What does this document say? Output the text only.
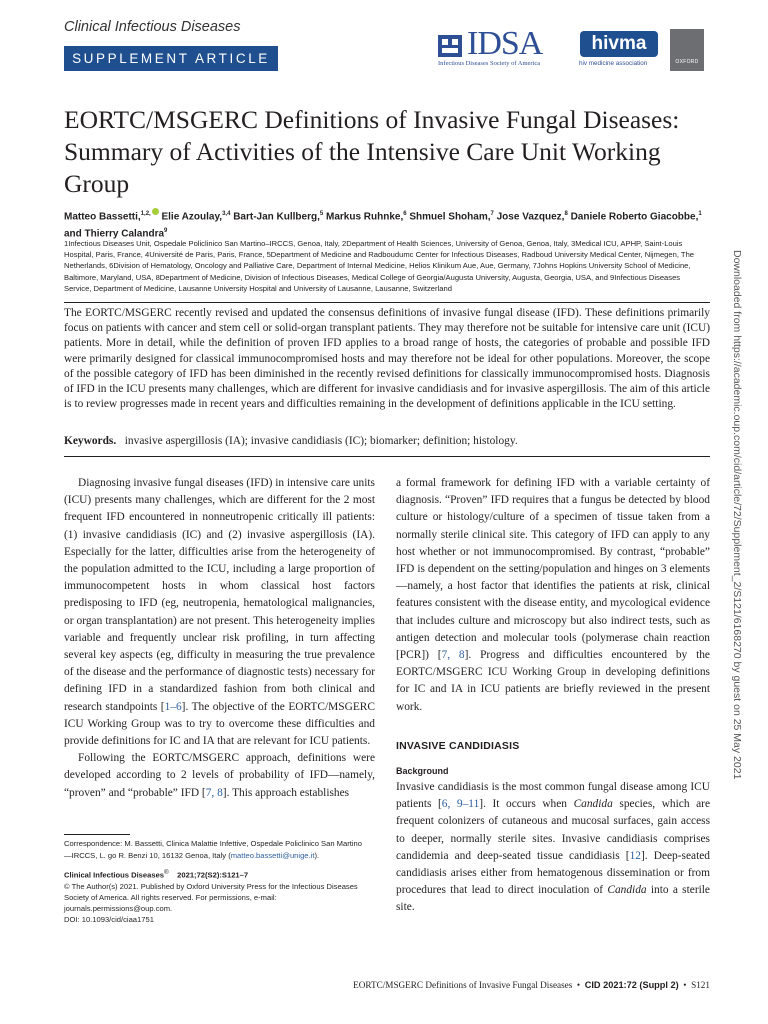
Clinical Infectious Diseases
SUPPLEMENT ARTICLE	IDSA
Infectious Diseases Society of America
hivma
hiv medicine association	OXFORD
EORTC/MSGERC Definitions of Invasive Fungal Diseases: Summary of Activities of the Intensive Care Unit Working Group
Matteo Bassetti,$^{1,2,}$ Elie Azoulay,$^{3,4}$ Bart-Jan Kullberg,$^5$ Markus Ruhnke,$^6$ Shmuel Shoham,$^7$ Jose Vazquez,$^8$ Daniele Roberto Giacobbe,$^1$ and Thierry Calandra$^9$
1Infectious Diseases Unit, Ospedale Policlinico San Martino–IRCCS, Genoa, Italy, 2Department of Health Sciences, University of Genoa, Genoa, Italy, 3Medical ICU, APHP, Saint-Louis Hospital, Paris, France, 4Université de Paris, Paris, France, 5Department of Medicine and Radboudumc Center for Infectious Diseases, Radboud University Medical Center, Nijmegen, The Netherlands, 6Division of Hematology, Oncology and Palliative Care, Department of Internal Medicine, Helios Klinikum Aue, Aue, Germany, 7Johns Hopkins University School of Medicine, Baltimore, Maryland, USA, 8Department of Medicine, Division of Infectious Diseases, Medical College of Georgia/Augusta University, Augusta, Georgia, USA, and 9Infectious Diseases Service, Department of Medicine, Lausanne University Hospital and University of Lausanne, Lausanne, Switzerland
The EORTC/MSGERC recently revised and updated the consensus definitions of invasive fungal disease (IFD). These definitions primarily focus on patients with cancer and stem cell or solid-organ transplant patients. They may therefore not be suitable for intensive care unit (ICU) patients. More in detail, while the definition of proven IFD applies to a broad range of hosts, the categories of probable and possible IFD were primarily designed for classical immunocompromised hosts and may therefore not be ideal for other populations. Moreover, the scope of the possible category of IFD has been diminished in the recently revised definitions for classically immunocompromised hosts. Diagnosis of IFD in the ICU presents many challenges, which are different for invasive candidiasis and for invasive aspergillosis. The aim of this article is to review progresses made in recent years and difficulties remaining in the development of definitions applicable in the ICU setting.
Keywords. invasive aspergillosis (IA); invasive candidiasis (IC); biomarker; definition; histology.

Diagnosing invasive fungal diseases (IFD) in intensive care units (ICU) presents many challenges, which are different for the 2 most frequent IFD encountered in nonneutropenic critically ill patients: (1) invasive candidiasis (IC) and (2) invasive aspergillosis (IA). Especially for the latter, difficulties arise from the heterogeneity of the population admitted to the ICU, including a large proportion of immunocompetent hosts in whom classical host factors predisposing to IFD (eg, neutropenia, hematological malignancies, or organ transplantation) are not present. This heterogeneity implies variable and frequently unclear risk profiling, in turn affecting several key aspects (eg, difficulty in measuring the true prevalence of the disease and the performance of diagnostic tests) necessary for defining IFD in a standardized fashion from both clinical and research standpoints [1–6]. The objective of the EORTC/MSGERC ICU Working Group was to try to overcome these difficulties and provide definitions for IC and IA that are relevant for ICU patients.

Following the EORTC/MSGERC approach, definitions were developed according to 2 levels of probability of IFD—namely, “proven” and “probable” IFD [7, 8]. This approach establishes

a formal framework for defining IFD with a variable certainty of diagnosis. “Proven” IFD requires that a fungus be detected by blood culture or histology/culture of a specimen of tissue taken from a normally sterile clinical site. This category of IFD can apply to any host whether or not immunocompromised. By contrast, “probable” IFD is dependent on the setting/population and hinges on 3 elements—namely, a host factor that identifies the patients at risk, clinical features consistent with the disease entity, and mycological evidence that includes culture and microscopy but also indirect tests, such as antigen detection and molecular tools (polymerase chain reaction [PCR]) [7, 8]. Progress and difficulties encountered by the EORTC/MSGERC ICU Working Group in developing definitions for IC and IA in ICU patients are briefly reviewed in the present work.

INVASIVE CANDIDIASIS
Background

Invasive candidiasis is the most common fungal disease among ICU patients [6, 9–11]. It occurs when Candida species, which are frequent colonizers of cutaneous and mucosal surfaces, gain access to deeper, normally sterile sites. Invasive candidiasis comprises candidemia and deep-seated tissue candidiasis [12]. Deep-seated candidiasis arises either from hematogenous dissemination or from procedures that lead to direct inoculation of Candida into a sterile site.

Correspondence: M. Bassetti, Clinica Malattie Infettive, Ospedale Policlinico San Martino—IRCCS, L. go R. Benzi 10, 16132 Genoa, Italy (matteo.bassetti@unige.it).
Clinical Infectious Diseases® 2021;72(S2):S121–7
© The Author(s) 2021. Published by Oxford University Press for the Infectious Diseases Society of America. All rights reserved. For permissions, e-mail: journals.permissions@oup.com.
DOI: 10.1093/cid/ciaa1751
EORTC/MSGERC Definitions of Invasive Fungal Diseases • CID 2021:72 (Suppl 2) • S121
Downloaded from https://academic.oup.com/cid/article/72/Supplement_2/S121/6168270 by guest on 25 May 2021
